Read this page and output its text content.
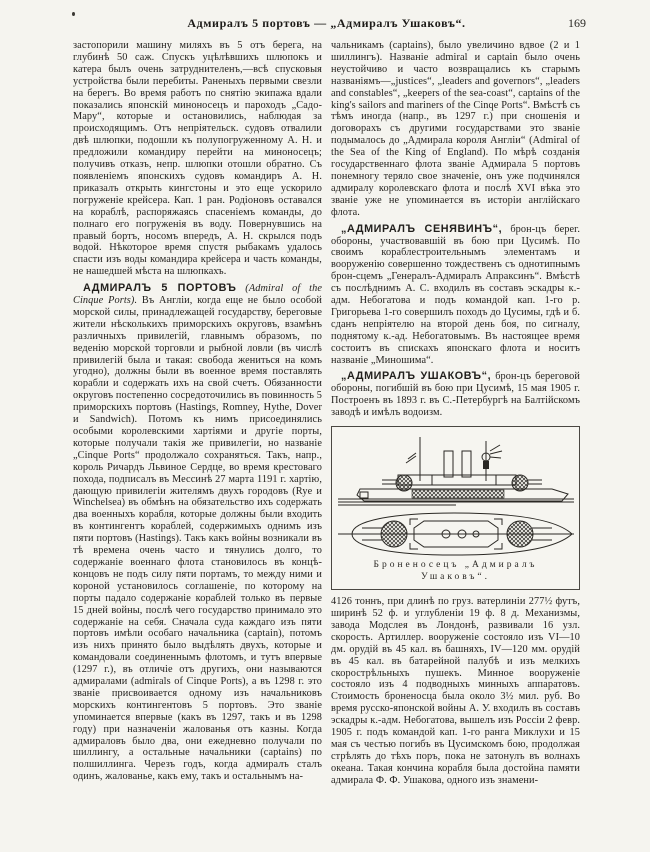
Адмиралъ 5 портовъ — „Адмиралъ Ушаковъ“.	169

застопорили машину миляхъ въ 5 отъ берега, на глубинѣ 50 саж. Спускъ уцѣлѣвшихъ шлюпокъ и катера былъ очень затруднителенъ,—всѣ спусковыя устройства были перебиты. Раненыхъ первыми свезли на берегъ. Во время работъ по снятію экипажа вдали показались японскій миноносецъ и пароходъ „Садо-Мару“, которые и остановились, наблюдая за происходящимъ. Отъ непріятельск. судовъ отвалили двѣ шлюпки, подошли къ полупогруженному А. Н. и предложили командиру перейти на миноносецъ; получивъ отказъ, непр. шлюпки отошли обратно. Съ появленіемъ японскихъ судовъ командиръ А. Н. приказалъ открыть кингстоны и это еще ускорило погруженіе крейсера. Кап. 1 ран. Родіоновъ оставался на кораблѣ, распоряжаясь спасеніемъ команды, до полнаго его погруженія въ воду. Повернувшись на правый бортъ, носомъ впередъ, А. Н. скрылся подъ водой. Нѣкоторое время спустя рыбакамъ удалось спасти изъ воды командира крейсера и часть команды, не нашедшей мѣста на шлюпкахъ.

АДМИРАЛЪ 5 ПОРТОВЪ (Admiral of the Cinque Ports). Въ Англіи, когда еще не было особой морской силы, принадлежащей государству, береговые жители нѣсколькихъ приморскихъ округовъ, взамѣнъ различныхъ привилегій, главнымъ образомъ, по веденію морской торговли и рыбной ловли (въ числѣ привилегій была и такая: свобода жениться на комъ угодно), должны были въ военное время поставлять корабли и содержать ихъ на свой счетъ. Обязанности округовъ постепенно сосредоточились въ повинность 5 приморскихъ портовъ (Hastings, Romney, Hythe, Dover и Sandwich). Потомъ къ нимъ присоединялись особыми королевскими хартіями и другіе порты, которые получали такія же привилегіи, но названіе „Cinque Ports“ продолжало сохраняться. Такъ, напр., король Ричардъ Львиное Сердце, во время крестоваго похода, подписалъ въ Мессинѣ 27 марта 1191 г. хартію, дающую привилегіи жителямъ двухъ городовъ (Rye и Winchelsea) въ обмѣнъ на обязательство ихъ содержать два военныхъ корабля, которые должны были входить въ контингентъ кораблей, содержимыхъ однимъ изъ пяти портовъ (Hastings). Такъ какъ войны возникали въ тѣ времена очень часто и тянулись долго, то содержаніе военнаго флота становилось въ концѣ-концовъ не подъ силу пяти портамъ, то между ними и короной установилось соглашеніе, по которому на порты падало содержаніе кораблей только въ первые 15 дней войны, послѣ чего государство принимало это содержаніе на себя. Сначала суда каждаго изъ пяти портовъ имѣли особаго начальника (captain), потомъ изъ нихъ принято было выдѣлять двухъ, которые и командовали соединеннымъ флотомъ, и тутъ впервые (1297 г.), въ отличіе отъ другихъ, они называются адмиралами (admirals of Cinque Ports), а въ 1298 г. это званіе присвоивается одному изъ начальниковъ морскихъ контингентовъ 5 портовъ. Это званіе упоминается впервые (какъ въ 1297, такъ и въ 1298 году) при назначеніи жалованья отъ казны. Когда адмираловъ было два, они ежедневно получали по шиллингу, а остальные начальники (captains) по полшиллинга. Черезъ годъ, когда адмиралъ сталъ одинъ, жалованье, какъ ему, такъ и остальнымъ на-

чальникамъ (captains), было увеличино вдвое (2 и 1 шиллингъ). Названіе admiral и captain было очень неустойчиво и часто возвращались къ старымъ названіямъ—„justices“, „leaders and governors“, „leaders and constables“, „keepers of the sea-coast“, captains of the king's sailors and mariners of the Cinqe Ports“. Вмѣстѣ съ тѣмъ иногда (напр., въ 1297 г.) при сношенія и договорахъ съ другими государствами это званіе подымалось до „Адмирала короля Англіи“ (Admiral of the Sea of the King of England). По мѣрѣ созданія государственнаго флота званіе Адмирала 5 портовъ понемногу теряло свое значеніе, онъ уже подчинялся адмиралу королевскаго флота и послѣ XVI вѣка это званіе уже не упоминается въ исторіи англійскаго флота.

„АДМИРАЛЪ СЕНЯВИНЪ“, брон-цъ берег. обороны, участвовавшій въ бою при Цусимѣ. По своимъ кораблестроительнымъ элементамъ и вооруженію совершенно тождественъ съ однотипнымъ брон-сцемъ „Генералъ-Адмиралъ Апраксинъ“. Вмѣстѣ съ послѣднимъ А. С. входилъ въ составъ эскадры к.-адм. Небогатова и подъ командой кап. 1-го р. Григорьева 1-го совершилъ походъ до Цусимы, гдѣ и б. сданъ непріятелю на второй день боя, по сигналу, поднятому к.-ад. Небогатовымъ. Въ настоящее время состоитъ въ спискахъ японскаго флота и носитъ названіе „Миношима“.

„АДМИРАЛЪ УШАКОВЪ“, брон-цъ береговой обороны, погибшій въ бою при Цусимѣ, 15 мая 1905 г. Построенъ въ 1893 г. въ С.-Петербургѣ на Балтійскомъ заводѣ и имѣлъ водоизм.

Броненосецъ „Адмиралъ
Ушаковъ“.

4126 тоннъ, при длинѣ по груз. ватерлиніи 277½ футъ, ширинѣ 52 ф. и углубленіи 19 ф. 8 д. Механизмы, завода Модслея въ Лондонѣ, развивали 16 узл. скорость. Артиллер. вооруженіе состояло изъ VI—10 дм. орудій въ 45 кал. въ башняхъ, IV—120 мм. орудій въ 45 кал. въ батарейной палубѣ и изъ мелкихъ скорострѣльныхъ пушекъ. Минное вооруженіе состояло изъ 4 подводныхъ минныхъ аппаратовъ. Стоимость броненосца была около 3½ мил. руб. Во время русско-японской войны А. У. входилъ въ составъ эскадры к.-адм. Небогатова, вышелъ изъ Россіи 2 февр. 1905 г. подъ командой кап. 1-го ранга Миклухи и 15 мая съ честью погибъ въ Цусимскомъ бою, продолжая стрѣлять до тѣхъ поръ, пока не затонулъ въ волнахъ океана. Такая кончина корабля была достойна памяти адмирала Ф. Ф. Ушакова, одного изъ знамени-
